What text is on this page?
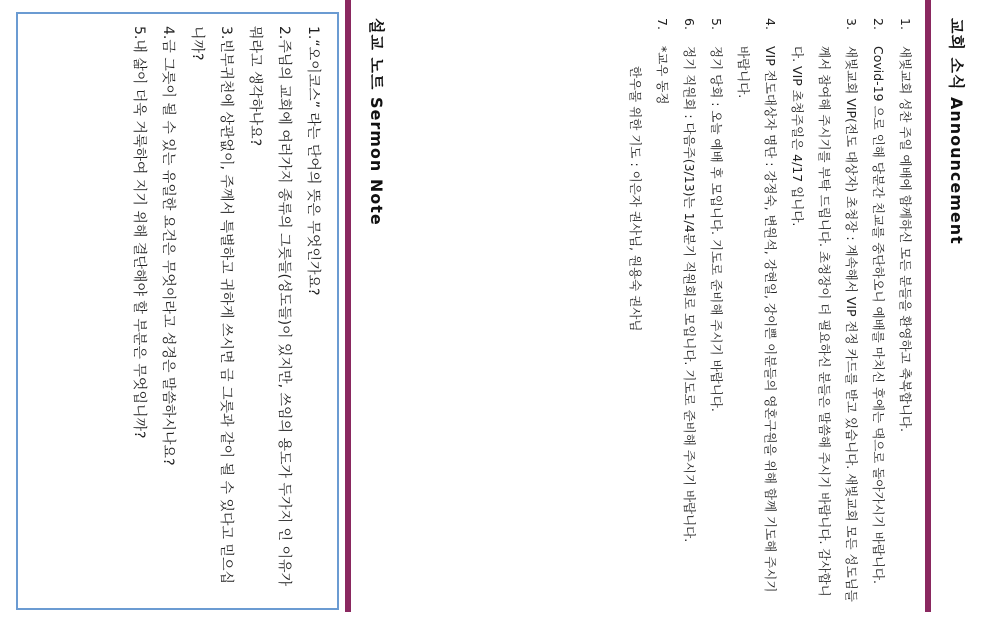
교회 소식 Announcement
1.
새빛교회 성찬 주일 예배에 함께하신 모든 분들을 환영하고 축복합니다.
2.
Covid-19 으로 인해 당분간 친교를 중단하오니 예배를 마치신 후에는 댁으로 돌아가시기 바랍니다.
3.
새빛교회 VIP(전도 대상자) 초청장 : 계속해서 VIP 전정 카드를 받고 있습니다. 새빛교회 모든 성도님들께서 참여해 주시기를 부탁 드립니다. 초청장이 더 필요하신 분들은 말씀해 주시기 바랍니다. 감사합니다. VIP 초청주일은 4/17 입니다.
4.
VIP 전도대상자 명단 : 강정숙, 변원석, 강현일, 강이쁜 이분들의 영혼구원을 위해 함께 기도해 주시기 바랍니다.
5.
정기 당회 : 오늘 예배 후 모입니다. 기도로 준비해 주시기 바랍니다.
6.
정기 직원회 : 다음주(3/13)는 1/4분기 직원회로 모입니다. 기도로 준비해 주시기 바랍니다.
7.
*교우 동정
한우물 위한 기도 : 이은자 권사님, 원용숙 권사님
설교 노트 Sermon Note

1.“오이코스” 라는 단어의 뜻은 무엇인가요?

2.주님의 교회에 여러가지 종류의 그릇들(성도들)이 있지만, 쓰임의 용도가 두가지 인 이유가 뭐라고 생각하나요?

3.빈부귀천에 상관없이, 주께서 특별하고 귀하게 쓰시면 금 그릇과 같이 될 수 있다고 믿으십니까?

4.금 그릇이 될 수 있는 유일한 요건은 무엇이라고 성경은 말씀하시나요?

5.내 삶이 더욱 거룩하여 지기 위해 결단해야 할 부분은 무엇입니까?
